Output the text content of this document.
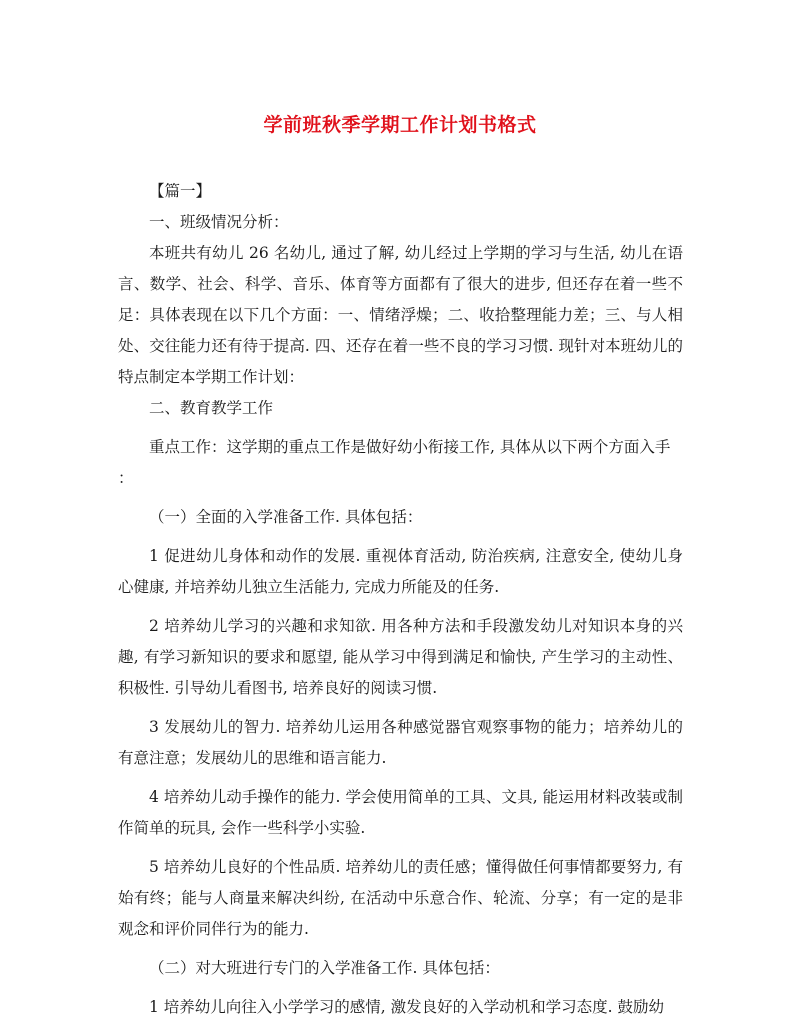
学前班秋季学期工作计划书格式

【篇一】

一、班级情况分析：

本班共有幼儿 26 名幼儿, 通过了解, 幼儿经过上学期的学习与生活, 幼儿在语言、数学、社会、科学、音乐、体育等方面都有了很大的进步, 但还存在着一些不足：具体表现在以下几个方面：一、情绪浮燥；二、收拾整理能力差；三、与人相处、交往能力还有待于提高. 四、还存在着一些不良的学习习惯. 现针对本班幼儿的特点制定本学期工作计划：

二、教育教学工作

重点工作：这学期的重点工作是做好幼小衔接工作, 具体从以下两个方面入手

：

（一）全面的入学准备工作. 具体包括：

1 促进幼儿身体和动作的发展. 重视体育活动, 防治疾病, 注意安全, 使幼儿身心健康, 并培养幼儿独立生活能力, 完成力所能及的任务.

2 培养幼儿学习的兴趣和求知欲. 用各种方法和手段激发幼儿对知识本身的兴趣, 有学习新知识的要求和愿望, 能从学习中得到满足和愉快, 产生学习的主动性、积极性. 引导幼儿看图书, 培养良好的阅读习惯.

3 发展幼儿的智力. 培养幼儿运用各种感觉器官观察事物的能力；培养幼儿的有意注意；发展幼儿的思维和语言能力.

4 培养幼儿动手操作的能力. 学会使用简单的工具、文具, 能运用材料改装或制作简单的玩具, 会作一些科学小实验.

5 培养幼儿良好的个性品质. 培养幼儿的责任感；懂得做任何事情都要努力, 有始有终；能与人商量来解决纠纷, 在活动中乐意合作、轮流、分享；有一定的是非观念和评价同伴行为的能力.

（二）对大班进行专门的入学准备工作. 具体包括：

1 培养幼儿向往入小学学习的感情, 激发良好的入学动机和学习态度. 鼓励幼
